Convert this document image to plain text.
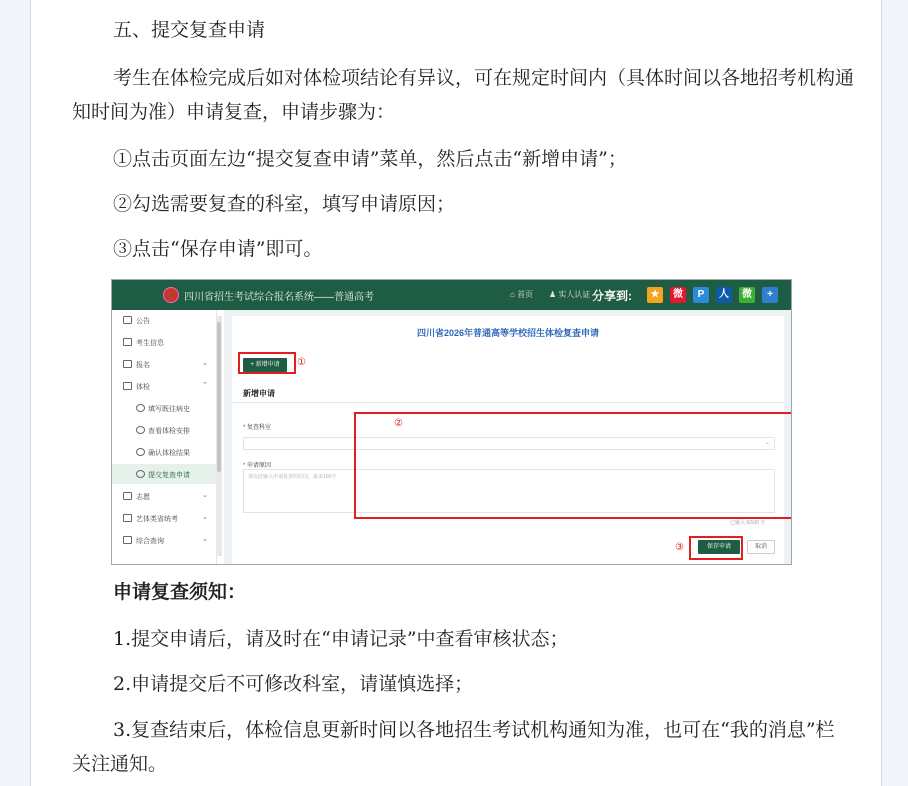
五、提交复查申请
考生在体检完成后如对体检项结论有异议，可在规定时间内（具体时间以各地招考机构通
知时间为准）申请复查，申请步骤为：
①点击页面左边“提交复查申请”菜单，然后点击“新增申请”；
②勾选需要复查的科室，填写申请原因；
③点击“保存申请”即可。
四川省招生考试综合报名系统——普通高考	⌂ 首页 ♟ 实人认证 分享到:	★	微	P	人	微	+
公告
考生信息
报名	⌄
体检	⌃
填写既往病史
查看体检安排
确认体检结果
提交复查申请
志愿	⌄
艺体类省统考	⌄
综合查询	⌄
四川省2026年普通高等学校招生体检复查申请
+ 新增申请	①
新增申请
* 复查科室
⌄
* 申请原因
请在此输入申请复查的原因，最多100字
已输入 0/100 字
保存申请	取消
②
③
申请复查须知：
1.提交申请后，请及时在“申请记录”中查看审核状态；
2.申请提交后不可修改科室，请谨慎选择；
3.复查结束后，体检信息更新时间以各地招生考试机构通知为准，也可在“我的消息”栏
关注通知。
